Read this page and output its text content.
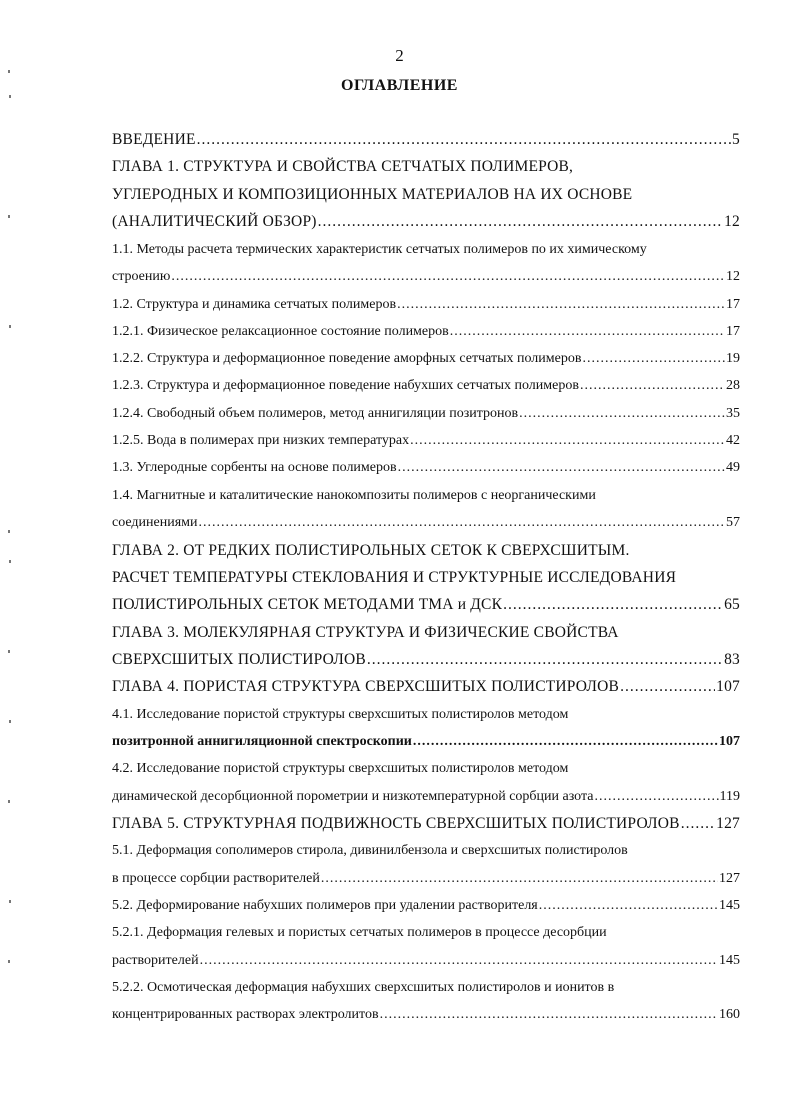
2
ОГЛАВЛЕНИЕ
ВВЕДЕНИЕ .....	5
ГЛАВА 1. СТРУКТУРА И СВОЙСТВА СЕТЧАТЫХ ПОЛИМЕРОВ,
УГЛЕРОДНЫХ И КОМПОЗИЦИОННЫХ МАТЕРИАЛОВ НА ИХ ОСНОВЕ
(АНАЛИТИЧЕСКИЙ ОБЗОР) .....	12
1.1. Методы расчета термических характеристик сетчатых полимеров по их химическому
строению .....	12
1.2. Структура и динамика сетчатых полимеров .....	17
1.2.1. Физическое релаксационное состояние полимеров .....	17
1.2.2. Структура и деформационное поведение аморфных сетчатых полимеров .....	19
1.2.3. Структура и деформационное поведение набухших сетчатых полимеров .....	28
1.2.4. Свободный объем полимеров, метод аннигиляции позитронов .....	35
1.2.5. Вода в полимерах при низких температурах .....	42
1.3. Углеродные сорбенты на основе полимеров .....	49
1.4. Магнитные и каталитические нанокомпозиты полимеров с неорганическими
соединениями .....	57
ГЛАВА 2. ОТ РЕДКИХ ПОЛИСТИРОЛЬНЫХ СЕТОК К СВЕРХСШИТЫМ.
РАСЧЕТ ТЕМПЕРАТУРЫ СТЕКЛОВАНИЯ И СТРУКТУРНЫЕ ИССЛЕДОВАНИЯ
ПОЛИСТИРОЛЬНЫХ СЕТОК МЕТОДАМИ ТМА и ДСК .....	65
ГЛАВА 3. МОЛЕКУЛЯРНАЯ СТРУКТУРА И ФИЗИЧЕСКИЕ СВОЙСТВА
СВЕРХСШИТЫХ ПОЛИСТИРОЛОВ .....	83
ГЛАВА 4. ПОРИСТАЯ СТРУКТУРА СВЕРХСШИТЫХ ПОЛИСТИРОЛОВ .....	107
4.1. Исследование пористой структуры сверхсшитых полистиролов методом
позитронной аннигиляционной спектроскопии .....	107
4.2. Исследование пористой структуры сверхсшитых полистиролов методом
динамической десорбционной порометрии и низкотемпературной сорбции азота .....	119
ГЛАВА 5. СТРУКТУРНАЯ ПОДВИЖНОСТЬ СВЕРХСШИТЫХ ПОЛИСТИРОЛОВ ..... 127
5.1. Деформация сополимеров стирола, дивинилбензола и сверхсшитых полистиролов
в процессе сорбции растворителей .....	127
5.2. Деформирование набухших полимеров при удалении растворителя .....	145
5.2.1. Деформация гелевых и пористых сетчатых полимеров в процессе десорбции
растворителей .....	145
5.2.2. Осмотическая деформация набухших сверхсшитых полистиролов и ионитов в
концентрированных растворах электролитов .....	160
